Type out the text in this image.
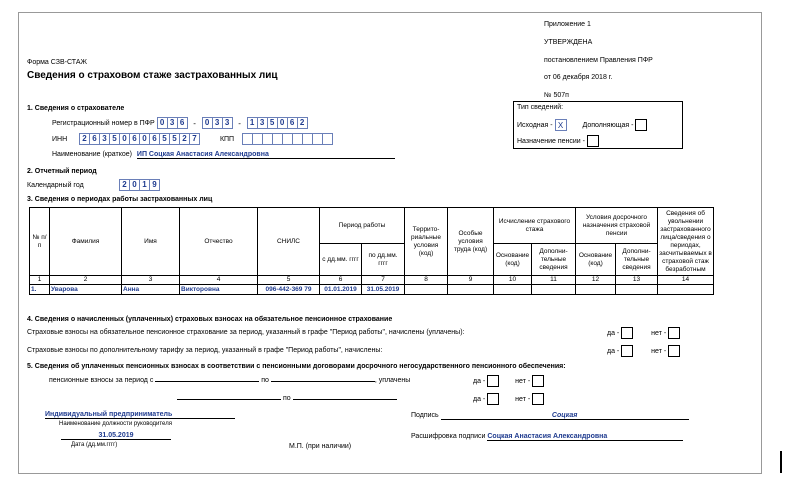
Приложение 1
УТВЕРЖДЕНА
постановлением Правления ПФР
от 06 декабря 2018 г.
№ 507п
Форма СЗВ-СТАЖ
Сведения о страховом стаже застрахованных лиц
1. Сведения о страхователе
Регистрационный номер в ПФР 0 3 6	-	0 3 3	-	1 3 5 0 6 2
ИНН	2 6 3 5 0 6 0 6 5 5 2 7	КПП
Наименование (краткое) ИП Соцкая Анастасия Александровна
Тип сведений:
Исходная - X	Дополняющая -
Назначение пенсии -
2. Отчетный период
Календарный год	2 0 1 9
3. Сведения о периодах работы застрахованных лиц
№ п/п	Фамилия	Имя	Отчество	СНИЛС	Период работы		Террито-риальные условия (код)	Особые условия труда (код)	Исчисление страхового стажа		Условия досрочного назначения страховой пенсии		Сведения об увольнении застрахованного лица/сведения о периодах, засчитываемых в страховой стаж безработным

					с дд.мм. гггг	по дд.мм. гггг			Основание (код)	Дополни-тельные сведения	Основание (код)	Дополни-тельные сведения	
1	2	3	4	5	6	7	8	9	10	11	12	13	14
1.	Уварова	Анна	Викторовна	096-442-369 79	01.01.2019	31.05.2019							
4. Сведения о начисленных (уплаченных) страховых взносах на обязательное пенсионное страхование
Страховые взносы на обязательное пенсионное страхование за период, указанный в графе "Период работы", начислены (уплачены):	да -	нет -
Страховые взносы по дополнительному тарифу за период, указанный в графе "Период работы", начислены:	да -	нет -
5. Сведения об уплаченных пенсионных взносах в соответствии с пенсионными договорами досрочного негосударственного пенсионного обеспечения:
пенсионные взносы за период с	по	, уплачены
по
да -	нет -
да -	нет -
Индивидуальный предприниматель
Наименование должности руководителя
31.05.2019
Дата (дд.мм.гггг)	М.П. (при наличии)
Подпись	Соцкая
Расшифровка подписи Соцкая Анастасия Александровна
